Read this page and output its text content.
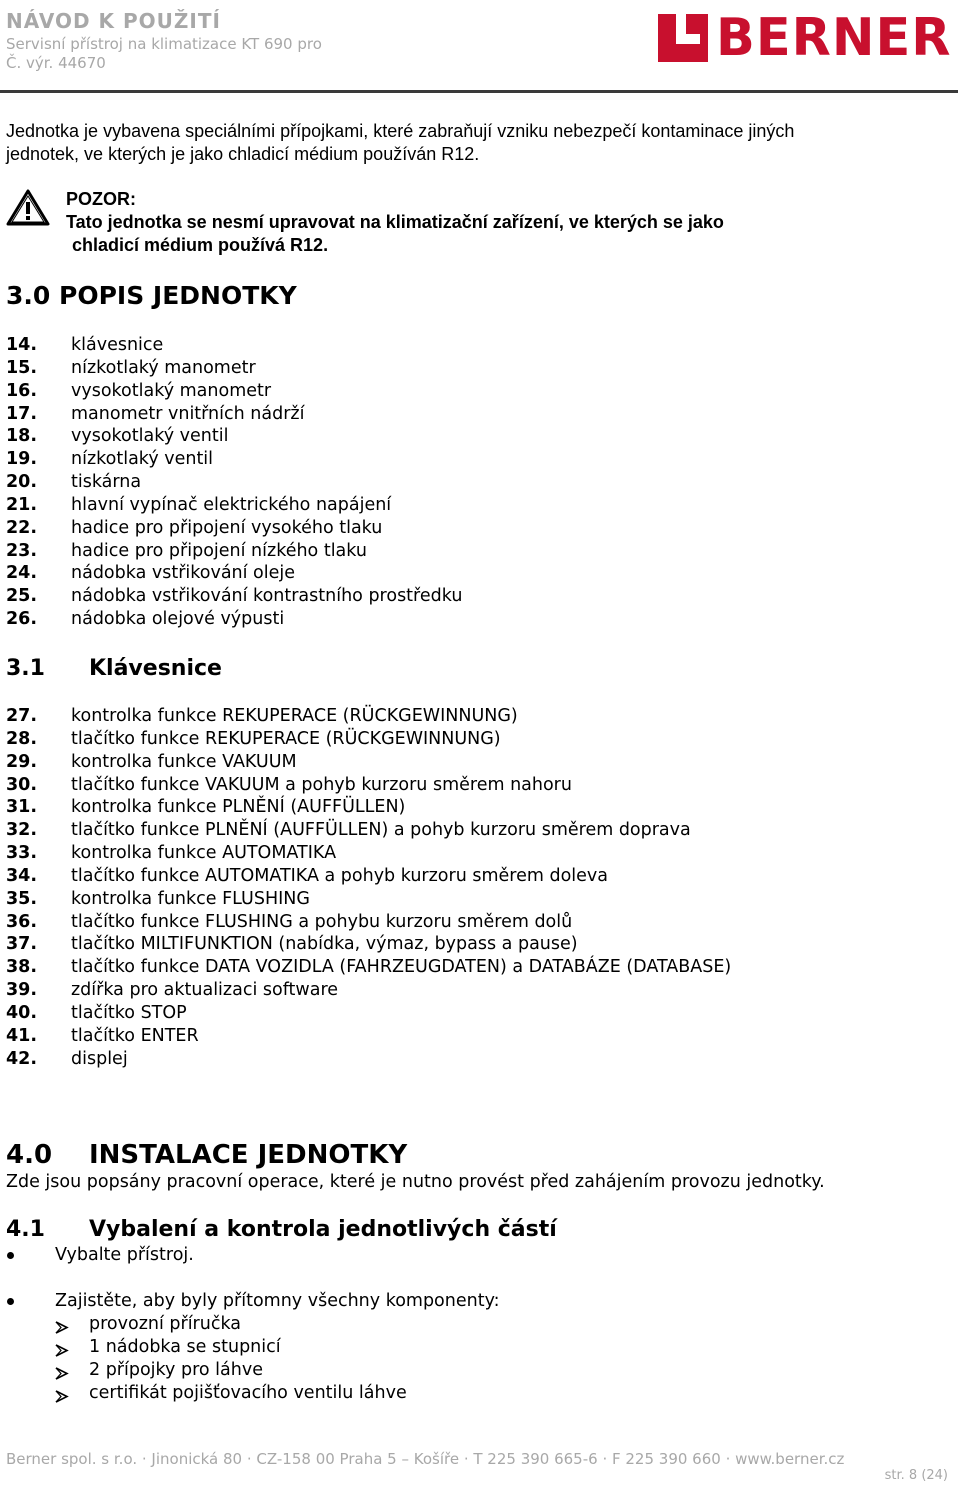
NÁVOD K POUŽITÍ
Servisní přístroj na klimatizace KT 690 pro
Č. výr. 44670	BERNER
Jednotka je vybavena speciálními přípojkami, které zabraňují vzniku nebezpečí kontaminace jiných
jednotek, ve kterých je jako chladicí médium používán R12.
POZOR:
Tato jednotka se nesmí upravovat na klimatizační zařízení, ve kterých se jako
chladicí médium používá R12.
3.0 POPIS JEDNOTKY
14. klávesnice
15. nízkotlaký manometr
16. vysokotlaký manometr
17. manometr vnitřních nádrží
18. vysokotlaký ventil
19. nízkotlaký ventil
20. tiskárna
21. hlavní vypínač elektrického napájení
22. hadice pro připojení vysokého tlaku
23. hadice pro připojení nízkého tlaku
24. nádobka vstřikování oleje
25. nádobka vstřikování kontrastního prostředku
26. nádobka olejové výpusti
3.1 Klávesnice
27. kontrolka funkce REKUPERACE (RÜCKGEWINNUNG)
28. tlačítko funkce REKUPERACE (RÜCKGEWINNUNG)
29. kontrolka funkce VAKUUM
30. tlačítko funkce VAKUUM a pohyb kurzoru směrem nahoru
31. kontrolka funkce PLNĚNÍ (AUFFÜLLEN)
32. tlačítko funkce PLNĚNÍ (AUFFÜLLEN) a pohyb kurzoru směrem doprava
33. kontrolka funkce AUTOMATIKA
34. tlačítko funkce AUTOMATIKA a pohyb kurzoru směrem doleva
35. kontrolka funkce FLUSHING
36. tlačítko funkce FLUSHING a pohybu kurzoru směrem dolů
37. tlačítko MILTIFUNKTION (nabídka, výmaz, bypass a pause)
38. tlačítko funkce DATA VOZIDLA (FAHRZEUGDATEN) a DATABÁZE (DATABASE)
39. zdířka pro aktualizaci software
40. tlačítko STOP
41. tlačítko ENTER
42. displej
4.0 INSTALACE JEDNOTKY
Zde jsou popsány pracovní operace, které je nutno provést před zahájením provozu jednotky.
4.1 Vybalení a kontrola jednotlivých částí
Vybalte přístroj.
Zajistěte, aby byly přítomny všechny komponenty:
provozní příručka
1 nádobka se stupnicí
2 přípojky pro láhve
certifikát pojišťovacího ventilu láhve
Berner spol. s r.o. · Jinonická 80 · CZ-158 00 Praha 5 – Košíře · T 225 390 665-6 · F 225 390 660 · www.berner.cz
str. 8 (24)
